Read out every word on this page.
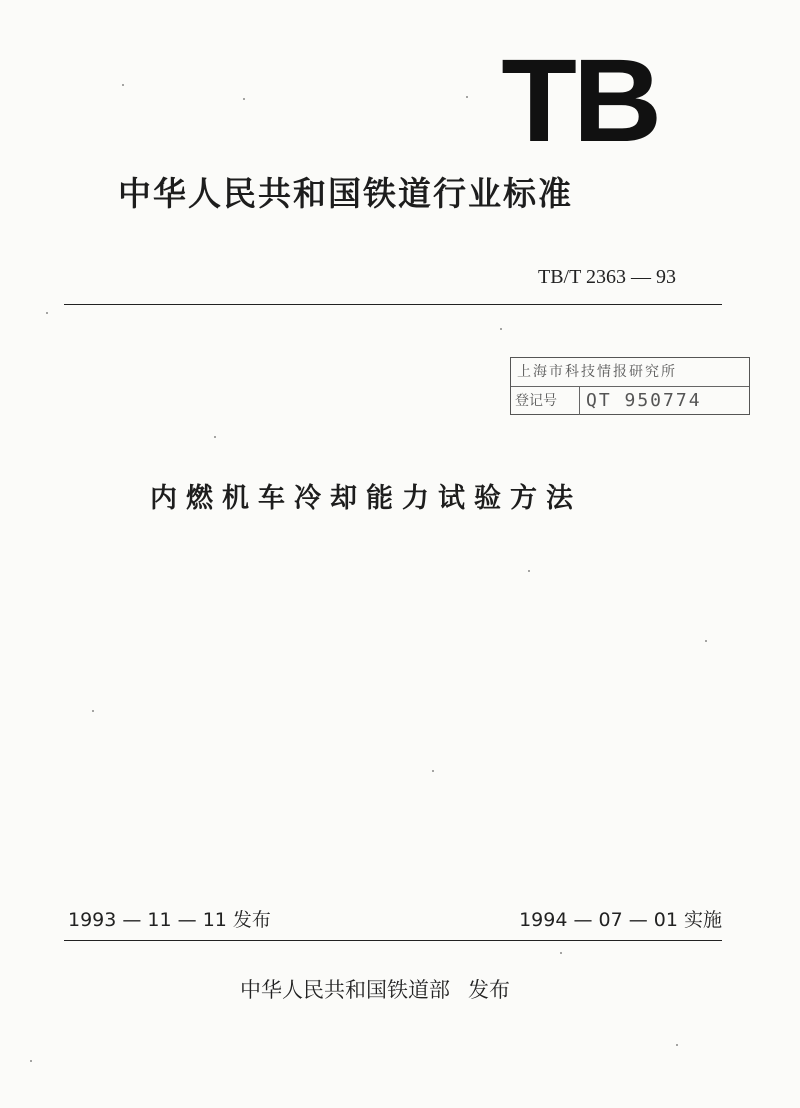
TB
中华人民共和国铁道行业标准
TB/T 2363 — 93
上海市科技情报研究所
登记号	QT 950774
内燃机车冷却能力试验方法
1993 — 11 — 11 发布	1994 — 07 — 01 实施
中华人民共和国铁道部 发布
